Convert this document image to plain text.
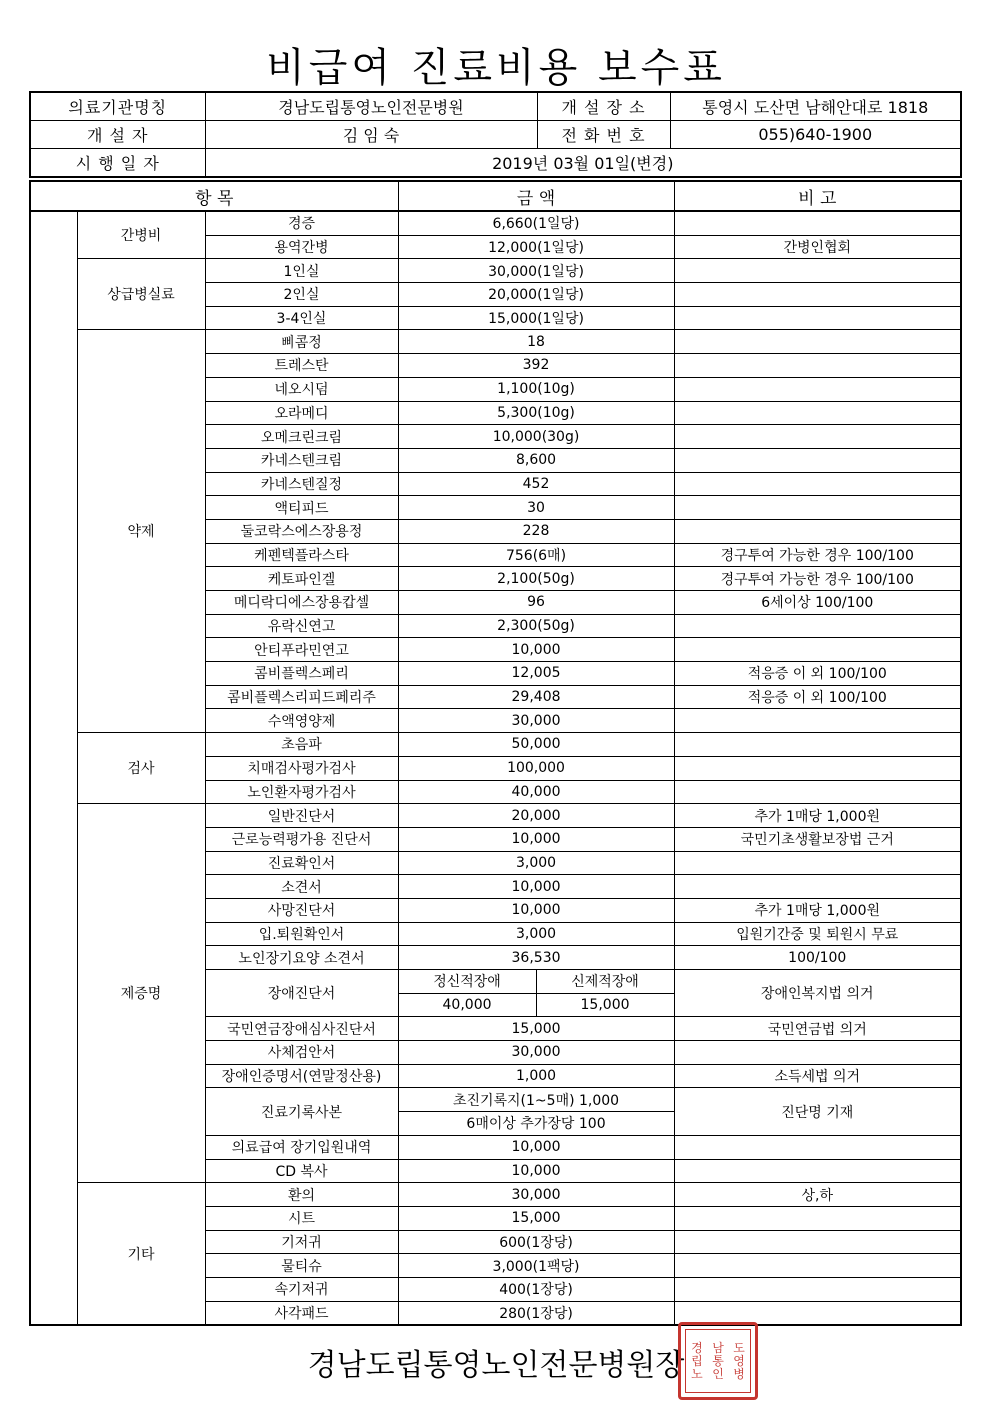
비급여 진료비용 보수표
의료기관명칭	경남도립통영노인전문병원	개 설 장 소	통영시 도산면 남해안대로 1818
개 설 자	김 임 숙	전 화 번 호	055)640-1900
시 행 일 자	2019년 03월 01일(변경)		
항 목			금 액		비 고
	간병비	경증	6,660(1일당)		
		용역간병	12,000(1일당)		간병인협회
	상급병실료	1인실	30,000(1일당)		
		2인실	20,000(1일당)		
		3-4인실	15,000(1일당)		
	약제	삐콤정	18		
		트레스탄	392		
		네오시덤	1,100(10g)		
		오라메디	5,300(10g)		
		오메크린크림	10,000(30g)		
		카네스텐크림	8,600		
		카네스텐질정	452		
		액티피드	30		
		둘코락스에스장용정	228		
		케펜텍플라스타	756(6매)		경구투여 가능한 경우 100/100
		케토파인겔	2,100(50g)		경구투여 가능한 경우 100/100
		메디락디에스장용캅셀	96		6세이상 100/100
		유락신연고	2,300(50g)		
		안티푸라민연고	10,000		
		콤비플렉스페리	12,005		적응증 이 외 100/100
		콤비플렉스리피드페리주	29,408		적응증 이 외 100/100
		수액영양제	30,000		
	검사	초음파	50,000		
		치매검사평가검사	100,000		
		노인환자평가검사	40,000		
	제증명	일반진단서	20,000		추가 1매당 1,000원
		근로능력평가용 진단서	10,000		국민기초생활보장법 근거
		진료확인서	3,000		
		소견서	10,000		
		사망진단서	10,000		추가 1매당 1,000원
		입.퇴원확인서	3,000		입원기간중 및 퇴원시 무료
		노인장기요양 소견서	36,530		100/100
		장애진단서	정신적장애	신제적장애	장애인복지법 의거
			40,000	15,000	
		국민연금장애심사진단서	15,000		국민연금법 의거
		사체검안서	30,000		
		장애인증명서(연말정산용)	1,000		소득세법 의거
		진료기록사본	초진기록지(1~5매) 1,000		진단명 기재
			6매이상 추가장당 100		
		의료급여 장기입원내역	10,000		
		CD 복사	10,000		
	기타	환의	30,000		상,하
		시트	15,000		
		기저귀	600(1장당)		
		물티슈	3,000(1팩당)		
		속기저귀	400(1장당)		
		사각패드	280(1장당)		
경남도립통영노인전문병원장
경 남 도
립 통 영
노 인 병
